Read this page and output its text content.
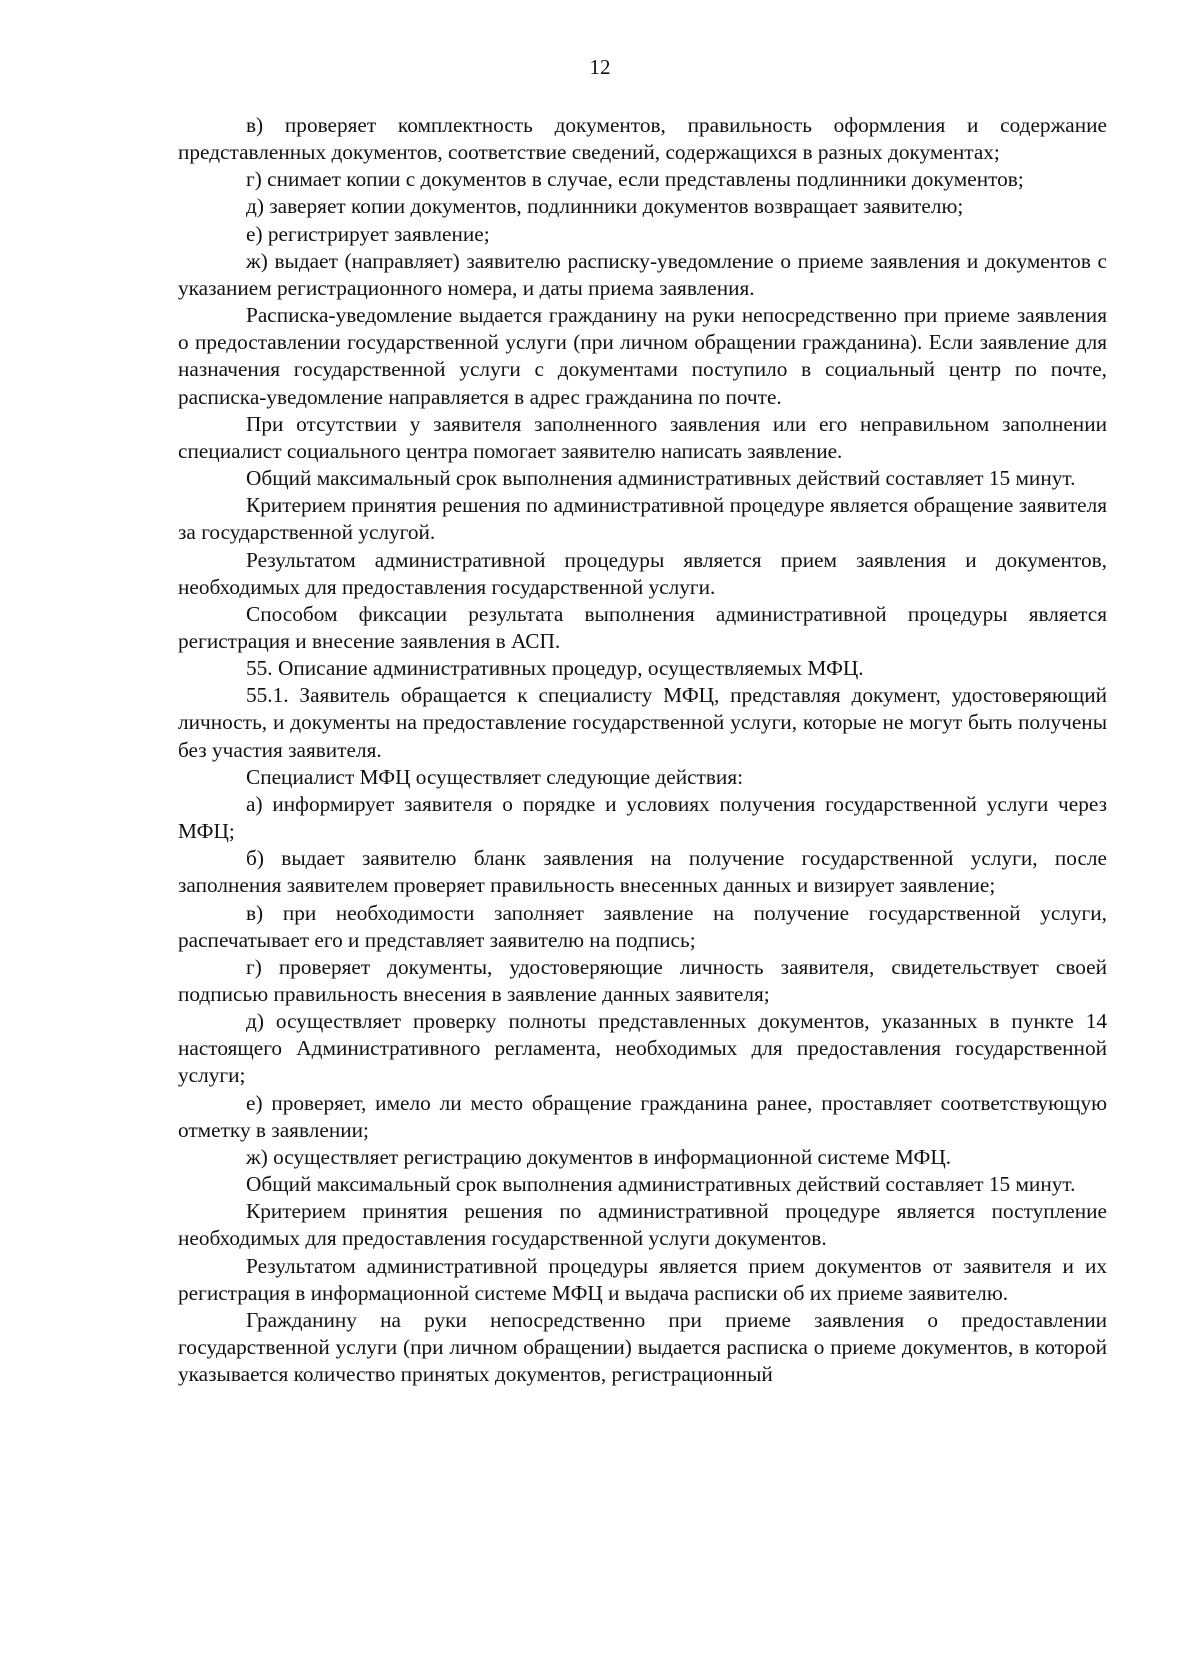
12

в) проверяет комплектность документов, правильность оформления и содержание представленных документов, соответствие сведений, содержащихся в разных документах;

г) снимает копии с документов в случае, если представлены подлинники документов;

д) заверяет копии документов, подлинники документов возвращает заявителю;

е) регистрирует заявление;

ж) выдает (направляет) заявителю расписку-уведомление о приеме заявления и документов с указанием регистрационного номера, и даты приема заявления.

Расписка-уведомление выдается гражданину на руки непосредственно при приеме заявления о предоставлении государственной услуги (при личном обращении гражданина). Если заявление для назначения государственной услуги с документами поступило в социальный центр по почте, расписка-уведомление направляется в адрес гражданина по почте.

При отсутствии у заявителя заполненного заявления или его неправильном заполнении специалист социального центра помогает заявителю написать заявление.

Общий максимальный срок выполнения административных действий составляет 15 минут.

Критерием принятия решения по административной процедуре является обращение заявителя за государственной услугой.

Результатом административной процедуры является прием заявления и документов, необходимых для предоставления государственной услуги.

Способом фиксации результата выполнения административной процедуры является регистрация и внесение заявления в АСП.

55. Описание административных процедур, осуществляемых МФЦ.

55.1. Заявитель обращается к специалисту МФЦ, представляя документ, удостоверяющий личность, и документы на предоставление государственной услуги, которые не могут быть получены без участия заявителя.

Специалист МФЦ осуществляет следующие действия:

а) информирует заявителя о порядке и условиях получения государственной услуги через МФЦ;

б) выдает заявителю бланк заявления на получение государственной услуги, после заполнения заявителем проверяет правильность внесенных данных и визирует заявление;

в) при необходимости заполняет заявление на получение государственной услуги, распечатывает его и представляет заявителю на подпись;

г) проверяет документы, удостоверяющие личность заявителя, свидетельствует своей подписью правильность внесения в заявление данных заявителя;

д) осуществляет проверку полноты представленных документов, указанных в пункте 14 настоящего Административного регламента, необходимых для предоставления государственной услуги;

е) проверяет, имело ли место обращение гражданина ранее, проставляет соответствующую отметку в заявлении;

ж) осуществляет регистрацию документов в информационной системе МФЦ.

Общий максимальный срок выполнения административных действий составляет 15 минут.

Критерием принятия решения по административной процедуре является поступление необходимых для предоставления государственной услуги документов.

Результатом административной процедуры является прием документов от заявителя и их регистрация в информационной системе МФЦ и выдача расписки об их приеме заявителю.

Гражданину на руки непосредственно при приеме заявления о предоставлении государственной услуги (при личном обращении) выдается расписка о приеме документов, в которой указывается количество принятых документов, регистрационный
